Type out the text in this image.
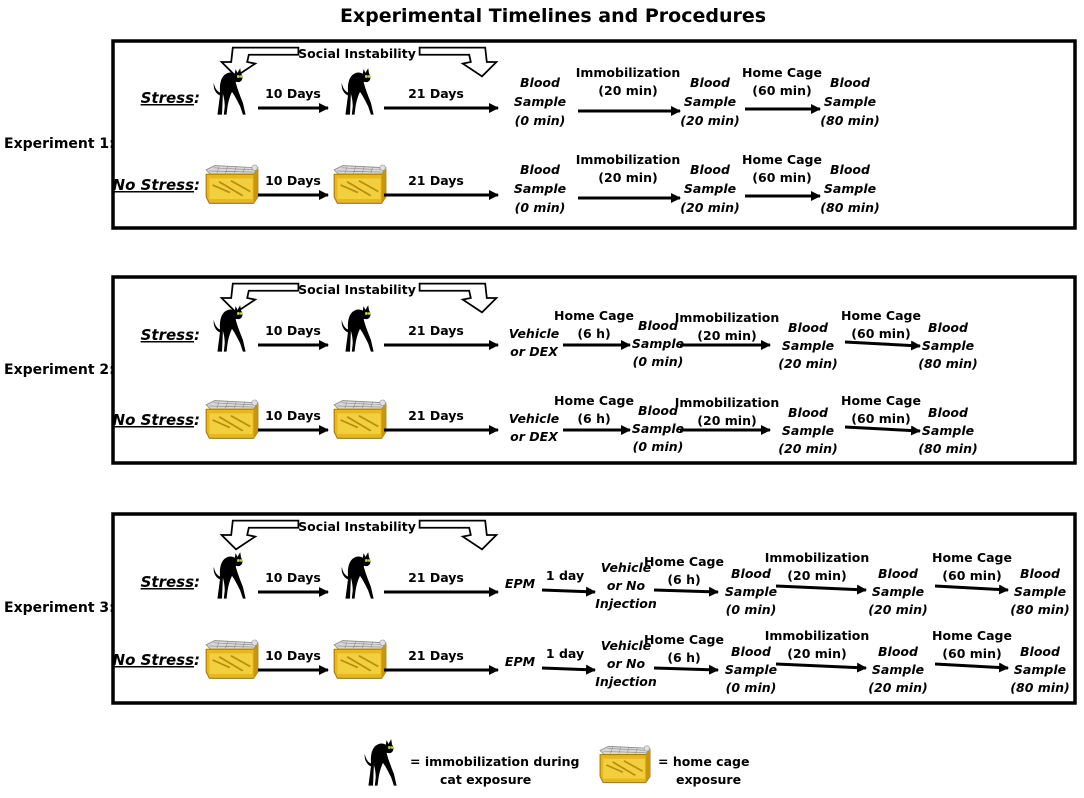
Experimental Timelines and Procedures
Experiment 1:
Social Instability
Stress:	10 Days	21 Days
Blood
Sample
(0 min)
Immobilization
(20 min)
Blood
Sample
(20 min)
Home Cage
(60 min)
Blood
Sample
(80 min)
No Stress:	10 Days	21 Days
Blood
Sample
(0 min)
Immobilization
(20 min)
Blood
Sample
(20 min)
Home Cage
(60 min)
Blood
Sample
(80 min)
Experiment 2:
Social Instability
Stress:	10 Days	21 Days	Vehicle
or DEX
Home Cage
(6 h)
Blood
Sample
(0 min)
Immobilization
(20 min)
Blood
Sample
(20 min)
Home Cage
(60 min) Blood
Sample
(80 min)
No Stress:	10 Days	21 Days	Vehicle
or DEX
Home Cage
(6 h)
Blood
Sample
(0 min)
Immobilization
(20 min)
Blood
Sample
(20 min)
Home Cage
(60 min) Blood
Sample
(80 min)
Experiment 3:
Social Instability
Stress:	10 Days	21 Days	EPM
1 day
Vehicle
or No
Injection
Home Cage
(6 h) Blood
Sample
(0 min)
Immobilization
(20 min)	Blood
Sample
(20 min)
Home Cage
(60 min) Blood
Sample
(80 min)
No Stress:	10 Days	21 Days	EPM
1 day
Vehicle
or No
Injection
Home Cage
(6 h) Blood
Sample
(0 min)
Immobilization
(20 min)	Blood
Sample
(20 min)
Home Cage
(60 min) Blood
Sample
(80 min)
= immobilization during
cat exposure
= home cage
exposure
